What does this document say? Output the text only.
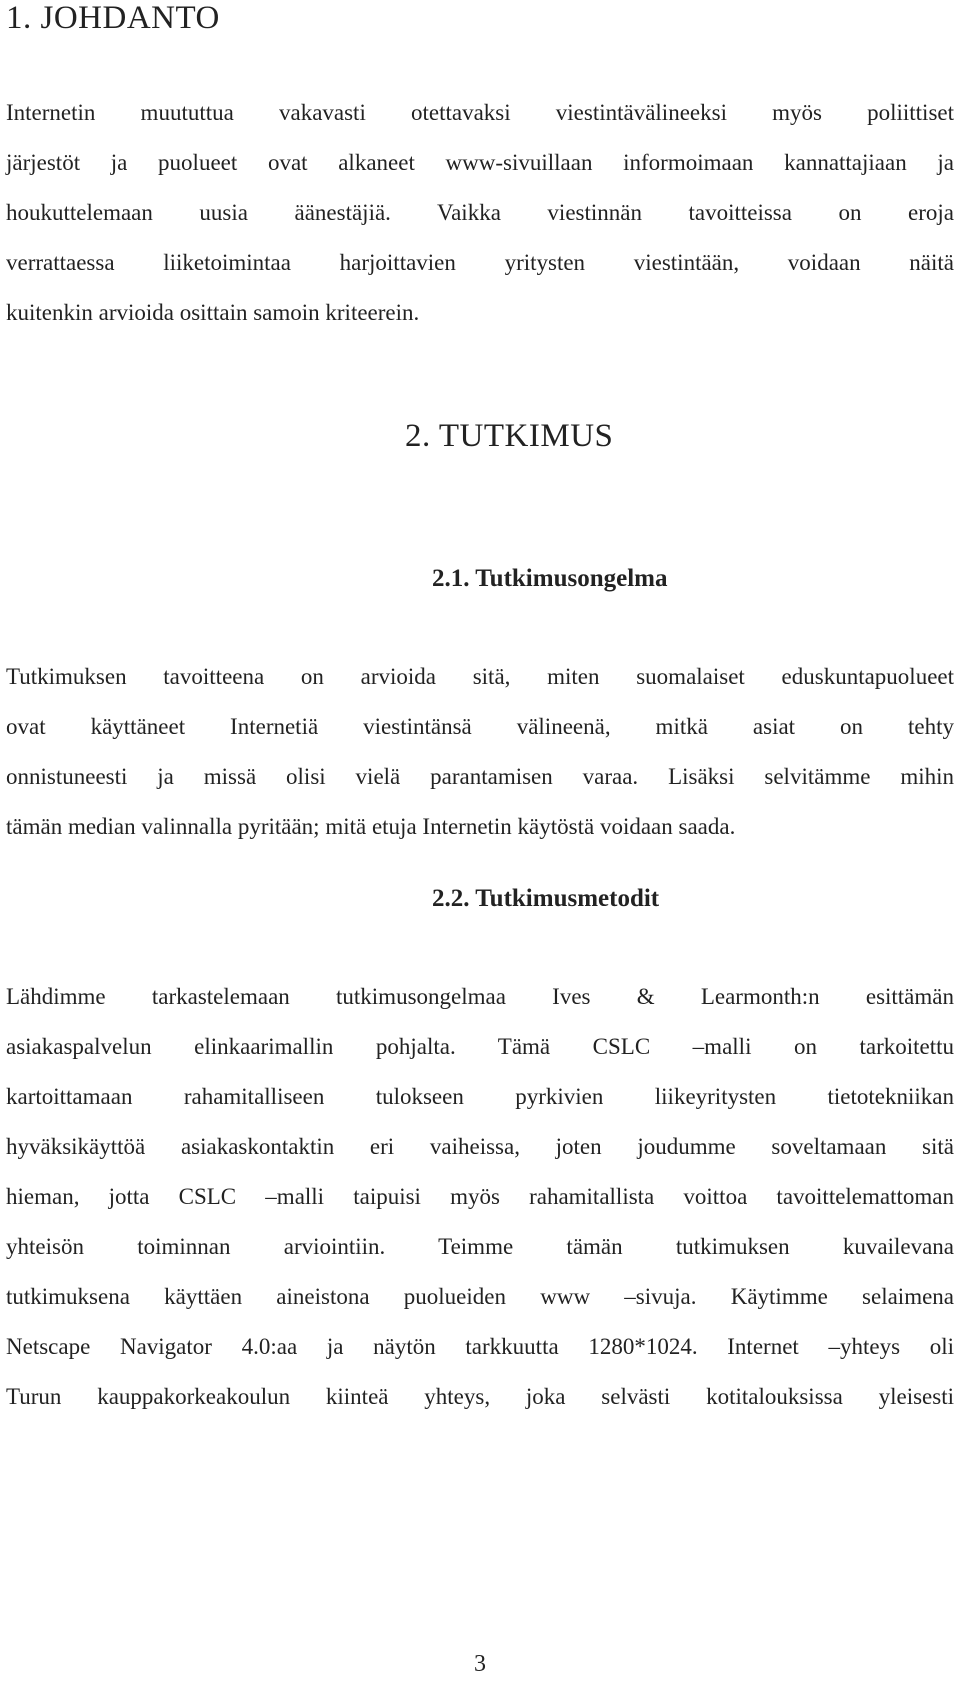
1. JOHDANTO
Internetin muututtua vakavasti otettavaksi viestintävälineeksi myös poliittiset
järjestöt ja puolueet ovat alkaneet www-sivuillaan informoimaan kannattajiaan ja
houkuttelemaan uusia äänestäjiä. Vaikka viestinnän tavoitteissa on eroja
verrattaessa liiketoimintaa harjoittavien yritysten viestintään, voidaan näitä
kuitenkin arvioida osittain samoin kriteerein.
2. TUTKIMUS
2.1. Tutkimusongelma
Tutkimuksen tavoitteena on arvioida sitä, miten suomalaiset eduskuntapuolueet
ovat käyttäneet Internetiä viestintänsä välineenä, mitkä asiat on tehty
onnistuneesti ja missä olisi vielä parantamisen varaa. Lisäksi selvitämme mihin
tämän median valinnalla pyritään; mitä etuja Internetin käytöstä voidaan saada.
2.2. Tutkimusmetodit
Lähdimme tarkastelemaan tutkimusongelmaa Ives & Learmonth:n esittämän
asiakaspalvelun elinkaarimallin pohjalta. Tämä CSLC –malli on tarkoitettu
kartoittamaan rahamitalliseen tulokseen pyrkivien liikeyritysten tietotekniikan
hyväksikäyttöä asiakaskontaktin eri vaiheissa, joten joudumme soveltamaan sitä
hieman, jotta CSLC –malli taipuisi myös rahamitallista voittoa tavoittelemattoman
yhteisön toiminnan arviointiin. Teimme tämän tutkimuksen kuvailevana
tutkimuksena käyttäen aineistona puolueiden www –sivuja. Käytimme selaimena
Netscape Navigator 4.0:aa ja näytön tarkkuutta 1280*1024. Internet –yhteys oli
Turun kauppakorkeakoulun kiinteä yhteys, joka selvästi kotitalouksissa yleisesti
3
